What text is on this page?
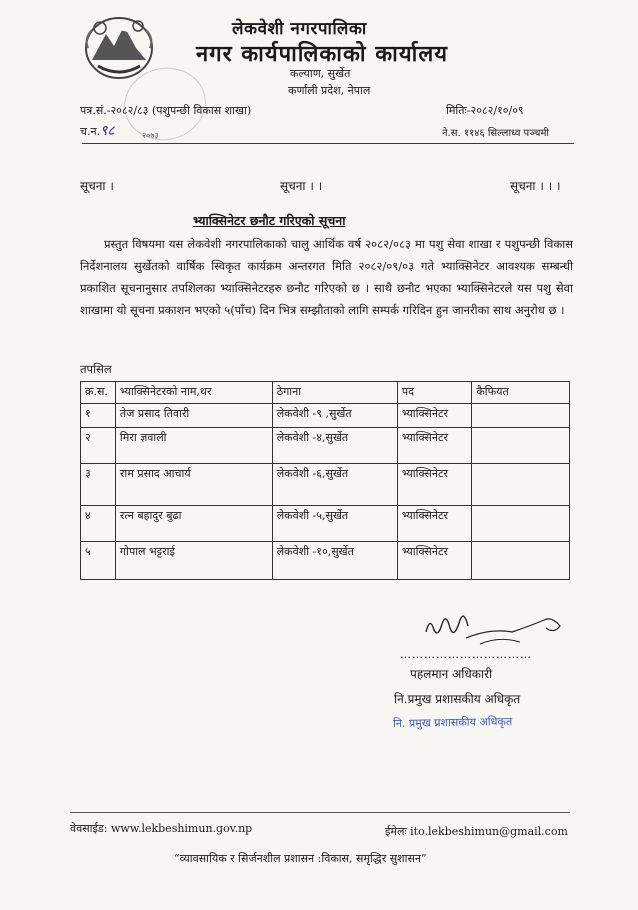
लेकवेशी नगरपालिका
नगर कार्यपालिकाको कार्यालय
कल्याण, सुर्खेत
कर्णाली प्रदेश, नेपाल
२०७३
पत्र.सं.-२०८२/८३ (पशुपन्छी विकास शाखा)	मितिः-२०८२/१०/०९
च.न.९८	ने.स. ११४६ सिल्लाध्व पञ्चमी
सूचना ।	सूचना । ।	सूचना । । ।
भ्याक्सिनेटर छनौट गरिएको सूचना
प्रस्तुत विषयमा यस लेकवेशी नगरपालिकाको चालु आर्थिक वर्ष २०८२/०८३ मा पशु सेवा शाखा र पशुपन्छी विकास निर्देशनालय सुर्खेतको वार्षिक स्विकृत कार्यक्रम अन्तरगत मिति २०८२/०९/०३ गते भ्याक्सिनेटर आवश्यक सम्बन्धी प्रकाशित सूचनानुसार तपशिलका भ्याक्सिनेटरहरु छनौट गरिएको छ । साथै छनौट भएका भ्याक्सिनेटरले यस पशु सेवा शाखामा यो सूचना प्रकाशन भएको ५(पाँच) दिन भित्र सम्झौताको लागि सम्पर्क गरिदिन हुन जानरीका साथ अनुरोध छ ।
तपसिल
क्र.स.	भ्याक्सिनेटरको नाम,थर	ठेगाना	पद	कैफियत
१	तेज प्रसाद तिवारी	लेकवेशी -९ ,सुर्खेत	भ्याक्सिनेटर	
२	मिरा ज्ञवाली	लेकवेशी -४,सुर्खेत	भ्याक्सिनेटर	
३	राम प्रसाद आचार्य	लेकवेशी -६,सुर्खेत	भ्याक्सिनेटर	
४	रत्न बहादुर बुढा	लेकवेशी -५,सुर्खेत	भ्याक्सिनेटर	
५	गोपाल भट्टराई	लेकवेशी -१०,सुर्खेत	भ्याक्सिनेटर	
……………………………
पहलमान अधिकारी
नि.प्रमुख प्रशासकीय अधिकृत
नि. प्रमुख प्रशासकीय अधिकृत
वेवसाईड: www.lekbeshimun.gov.np	ईमेलः ito.lekbeshimun@gmail.com
“व्यावसायिक र सिर्जनशील प्रशासन :विकास, समृद्धिर सुशासन”
